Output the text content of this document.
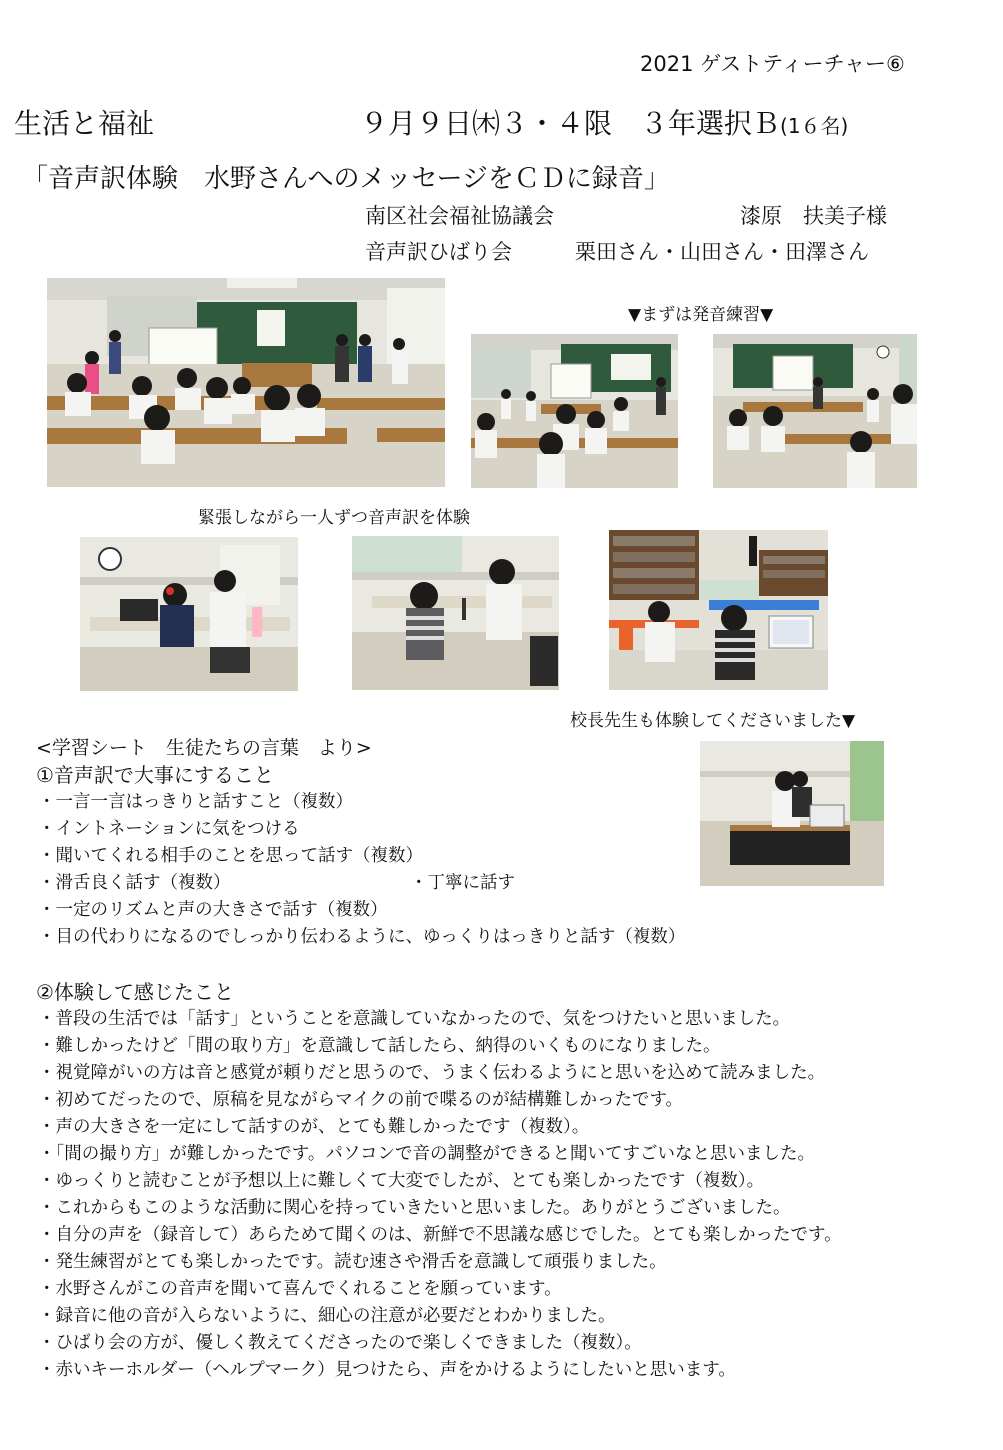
2021 ゲストティーチャー⑥
生活と福祉	９月９日㈭３・４限　３年選択Ｂ(1６名)
「音声訳体験　水野さんへのメッセージをＣＤに録音」
南区社会福祉協議会	漆原　扶美子様
音声訳ひばり会	栗田さん・山田さん・田澤さん
▼まずは発音練習▼
緊張しながら一人ずつ音声訳を体験
校長先生も体験してくださいました▼
<学習シート　生徒たちの言葉　より>
①音声訳で大事にすること
・一言一言はっきりと話すこと（複数）
・イントネーションに気をつける
・聞いてくれる相手のことを思って話す（複数）
・滑舌良く話す（複数）	・丁寧に話す
・一定のリズムと声の大きさで話す（複数）
・目の代わりになるのでしっかり伝わるように、ゆっくりはっきりと話す（複数）
②体験して感じたこと
・普段の生活では「話す」ということを意識していなかったので、気をつけたいと思いました。
・難しかったけど「間の取り方」を意識して話したら、納得のいくものになりました。
・視覚障がいの方は音と感覚が頼りだと思うので、うまく伝わるようにと思いを込めて読みました。
・初めてだったので、原稿を見ながらマイクの前で喋るのが結構難しかったです。
・声の大きさを一定にして話すのが、とても難しかったです（複数）。
・「間の撮り方」が難しかったです。パソコンで音の調整ができると聞いてすごいなと思いました。
・ゆっくりと読むことが予想以上に難しくて大変でしたが、とても楽しかったです（複数）。
・これからもこのような活動に関心を持っていきたいと思いました。ありがとうございました。
・自分の声を（録音して）あらためて聞くのは、新鮮で不思議な感じでした。とても楽しかったです。
・発生練習がとても楽しかったです。読む速さや滑舌を意識して頑張りました。
・水野さんがこの音声を聞いて喜んでくれることを願っています。
・録音に他の音が入らないように、細心の注意が必要だとわかりました。
・ひばり会の方が、優しく教えてくださったので楽しくできました（複数）。
・赤いキーホルダー（ヘルプマーク）見つけたら、声をかけるようにしたいと思います。
